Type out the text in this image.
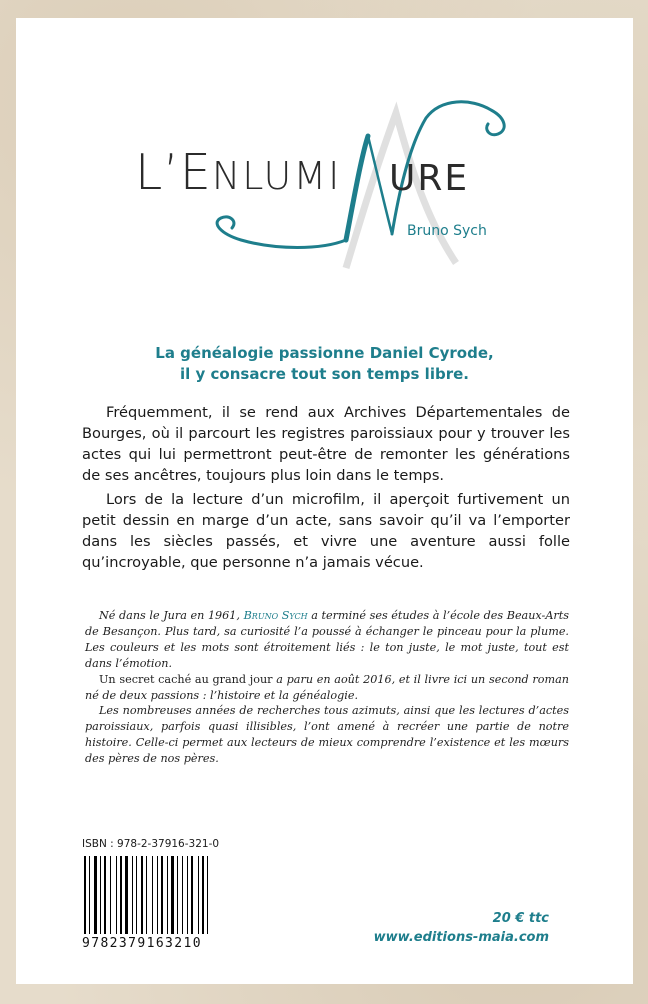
L’ENLUMI URE
Bruno Sych
La généalogie passionne Daniel Cyrode,
il y consacre tout son temps libre.

Fréquemment, il se rend aux Archives Départementales de Bourges, où il parcourt les registres paroissiaux pour y trouver les actes qui lui permettront peut-être de remonter les générations de ses ancêtres, toujours plus loin dans le temps.

Lors de la lecture d’un microfilm, il aperçoit furtivement un petit dessin en marge d’un acte, sans savoir qu’il va l’emporter dans les siècles passés, et vivre une aventure aussi folle qu’incroyable, que personne n’a jamais vécue.

Né dans le Jura en 1961, Bruno Sych a terminé ses études à l’école des Beaux-Arts de Besançon. Plus tard, sa curiosité l’a poussé à échanger le pinceau pour la plume. Les couleurs et les mots sont étroitement liés : le ton juste, le mot juste, tout est dans l’émotion.

Un secret caché au grand jour a paru en août 2016, et il livre ici un second roman né de deux passions : l’histoire et la généalogie.

Les nombreuses années de recherches tous azimuts, ainsi que les lectures d’actes paroissiaux, parfois quasi illisibles, l’ont amené à recréer une partie de notre histoire. Celle-ci permet aux lecteurs de mieux comprendre l’existence et les mœurs des pères de nos pères.

ISBN : 978-2-37916-321-0
9782379163210
20 € ttc
www.editions-maia.com
